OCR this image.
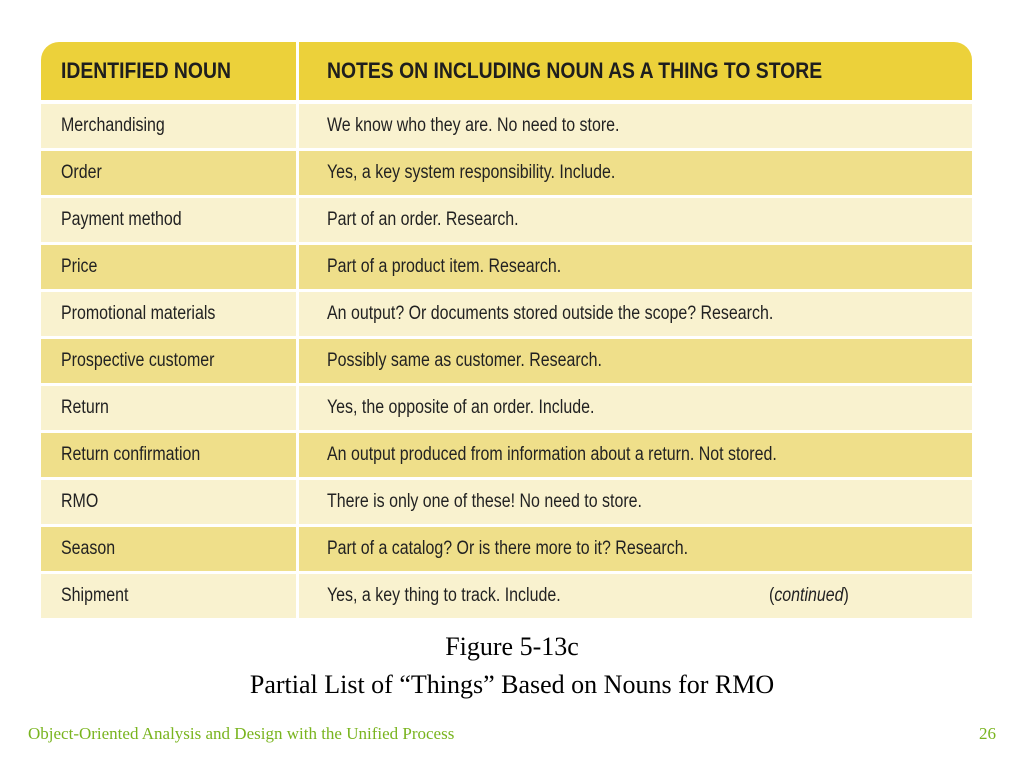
IDENTIFIED NOUN	NOTES ON INCLUDING NOUN AS A THING TO STORE
Merchandising	We know who they are. No need to store.
Order	Yes, a key system responsibility. Include.
Payment method	Part of an order. Research.
Price	Part of a product item. Research.
Promotional materials	An output? Or documents stored outside the scope? Research.
Prospective customer	Possibly same as customer. Research.
Return	Yes, the opposite of an order. Include.
Return confirmation	An output produced from information about a return. Not stored.
RMO	There is only one of these! No need to store.
Season	Part of a catalog? Or is there more to it? Research.
Shipment	Yes, a key thing to track. Include. (continued)
Figure 5-13c
Partial List of “Things” Based on Nouns for RMO
Object-Oriented Analysis and Design with the Unified Process	26
